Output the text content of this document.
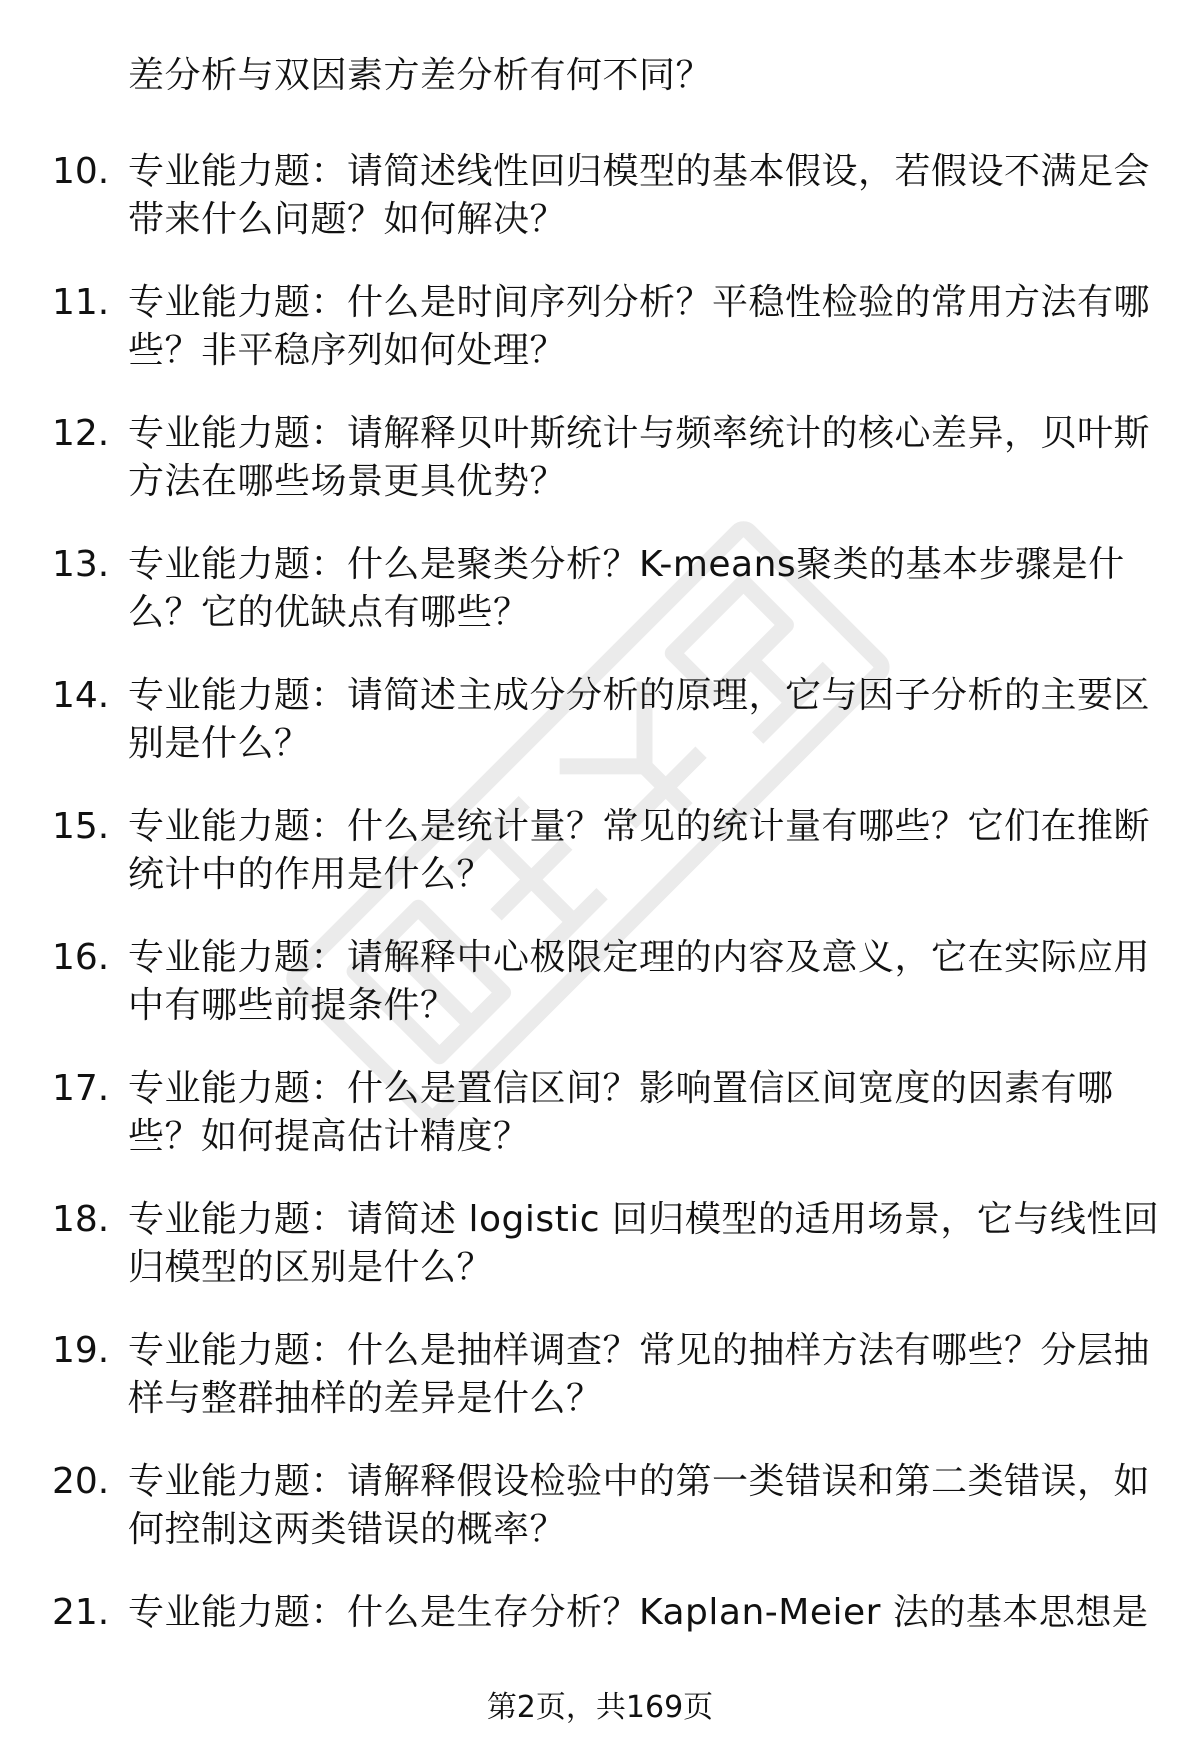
差分析与双因素方差分析有何不同？
10. 专业能力题：请简述线性回归模型的基本假设，若假设不满足会
带来什么问题？如何解决？
11. 专业能力题：什么是时间序列分析？平稳性检验的常用方法有哪
些？非平稳序列如何处理？
12. 专业能力题：请解释贝叶斯统计与频率统计的核心差异，贝叶斯
方法在哪些场景更具优势？
13. 专业能力题：什么是聚类分析？K-means聚类的基本步骤是什
么？它的优缺点有哪些？
14. 专业能力题：请简述主成分分析的原理，它与因子分析的主要区
别是什么？
15. 专业能力题：什么是统计量？常见的统计量有哪些？它们在推断
统计中的作用是什么？
16. 专业能力题：请解释中心极限定理的内容及意义，它在实际应用
中有哪些前提条件？
17. 专业能力题：什么是置信区间？影响置信区间宽度的因素有哪
些？如何提高估计精度？
18. 专业能力题：请简述 logistic 回归模型的适用场景，它与线性回
归模型的区别是什么？
19. 专业能力题：什么是抽样调查？常见的抽样方法有哪些？分层抽
样与整群抽样的差异是什么？
20. 专业能力题：请解释假设检验中的第一类错误和第二类错误，如
何控制这两类错误的概率？
21. 专业能力题：什么是生存分析？Kaplan-Meier 法的基本思想是
第2页，共169页
